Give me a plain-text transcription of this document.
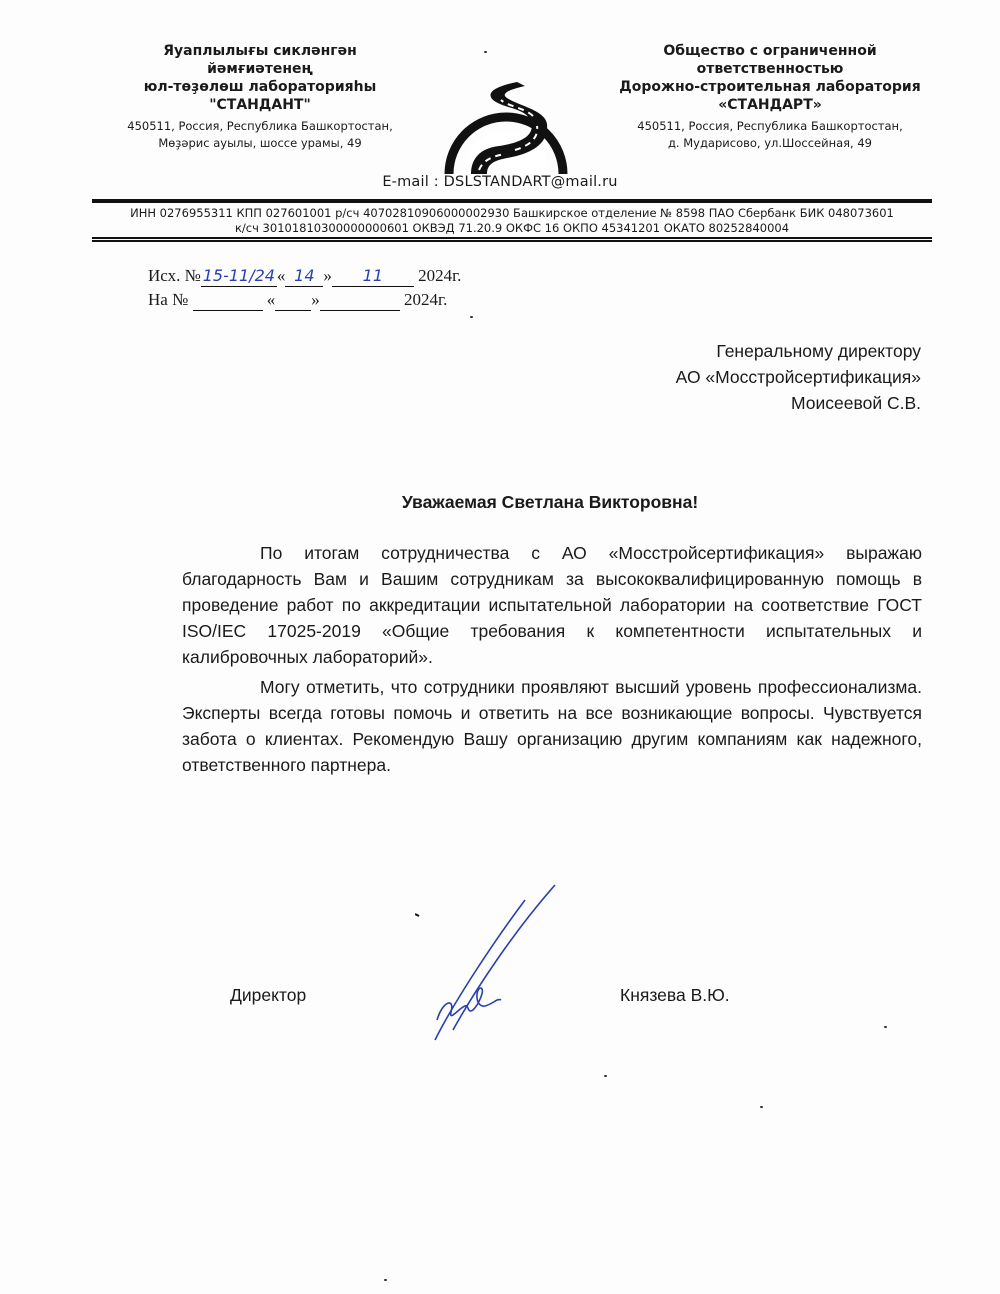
Яуаплылығы сикләнгән
йәмғиәтенең
юл-төҙөлөш лабораторияһы
"СТАНДАНТ"
450511, Россия, Республика Башкортостан,
Мөҙәрис ауылы, шоссе урамы, 49
Общество с ограниченной
ответственностью
Дорожно-строительная лаборатория
«СТАНДАРТ»
450511, Россия, Республика Башкортостан,
д. Мударисово, ул.Шоссейная, 49
E-mail : DSLSTANDART@mail.ru
ИНН 0276955311 КПП 027601001 р/сч 40702810906000002930 Башкирское отделение № 8598 ПАО Сбербанк БИК 048073601
к/сч 30101810300000000601 ОКВЭД 71.20.9 ОКФС 16 ОКПО 45341201 ОКАТО 80252840004
Исх. № 15-11/24 « 14 » 11 2024г.
На №	« »	2024г.
Генеральному директору
АО «Мосстройсертификация»
Моисеевой С.В.
Уважаемая Светлана Викторовна!

По итогам сотрудничества с АО «Мосстройсертификация» выражаю благодарность Вам и Вашим сотрудникам за высококвалифицированную помощь в проведение работ по аккредитации испытательной лаборатории на соответствие ГОСТ ISO/IEC 17025-2019 «Общие требования к компетентности испытательных и калибровочных лабораторий».

Могу отметить, что сотрудники проявляют высший уровень профессионализма. Эксперты всегда готовы помочь и ответить на все возникающие вопросы. Чувствуется забота о клиентах. Рекомендую Вашу организацию другим компаниям как надежного, ответственного партнера.

Директор	Князева В.Ю.
